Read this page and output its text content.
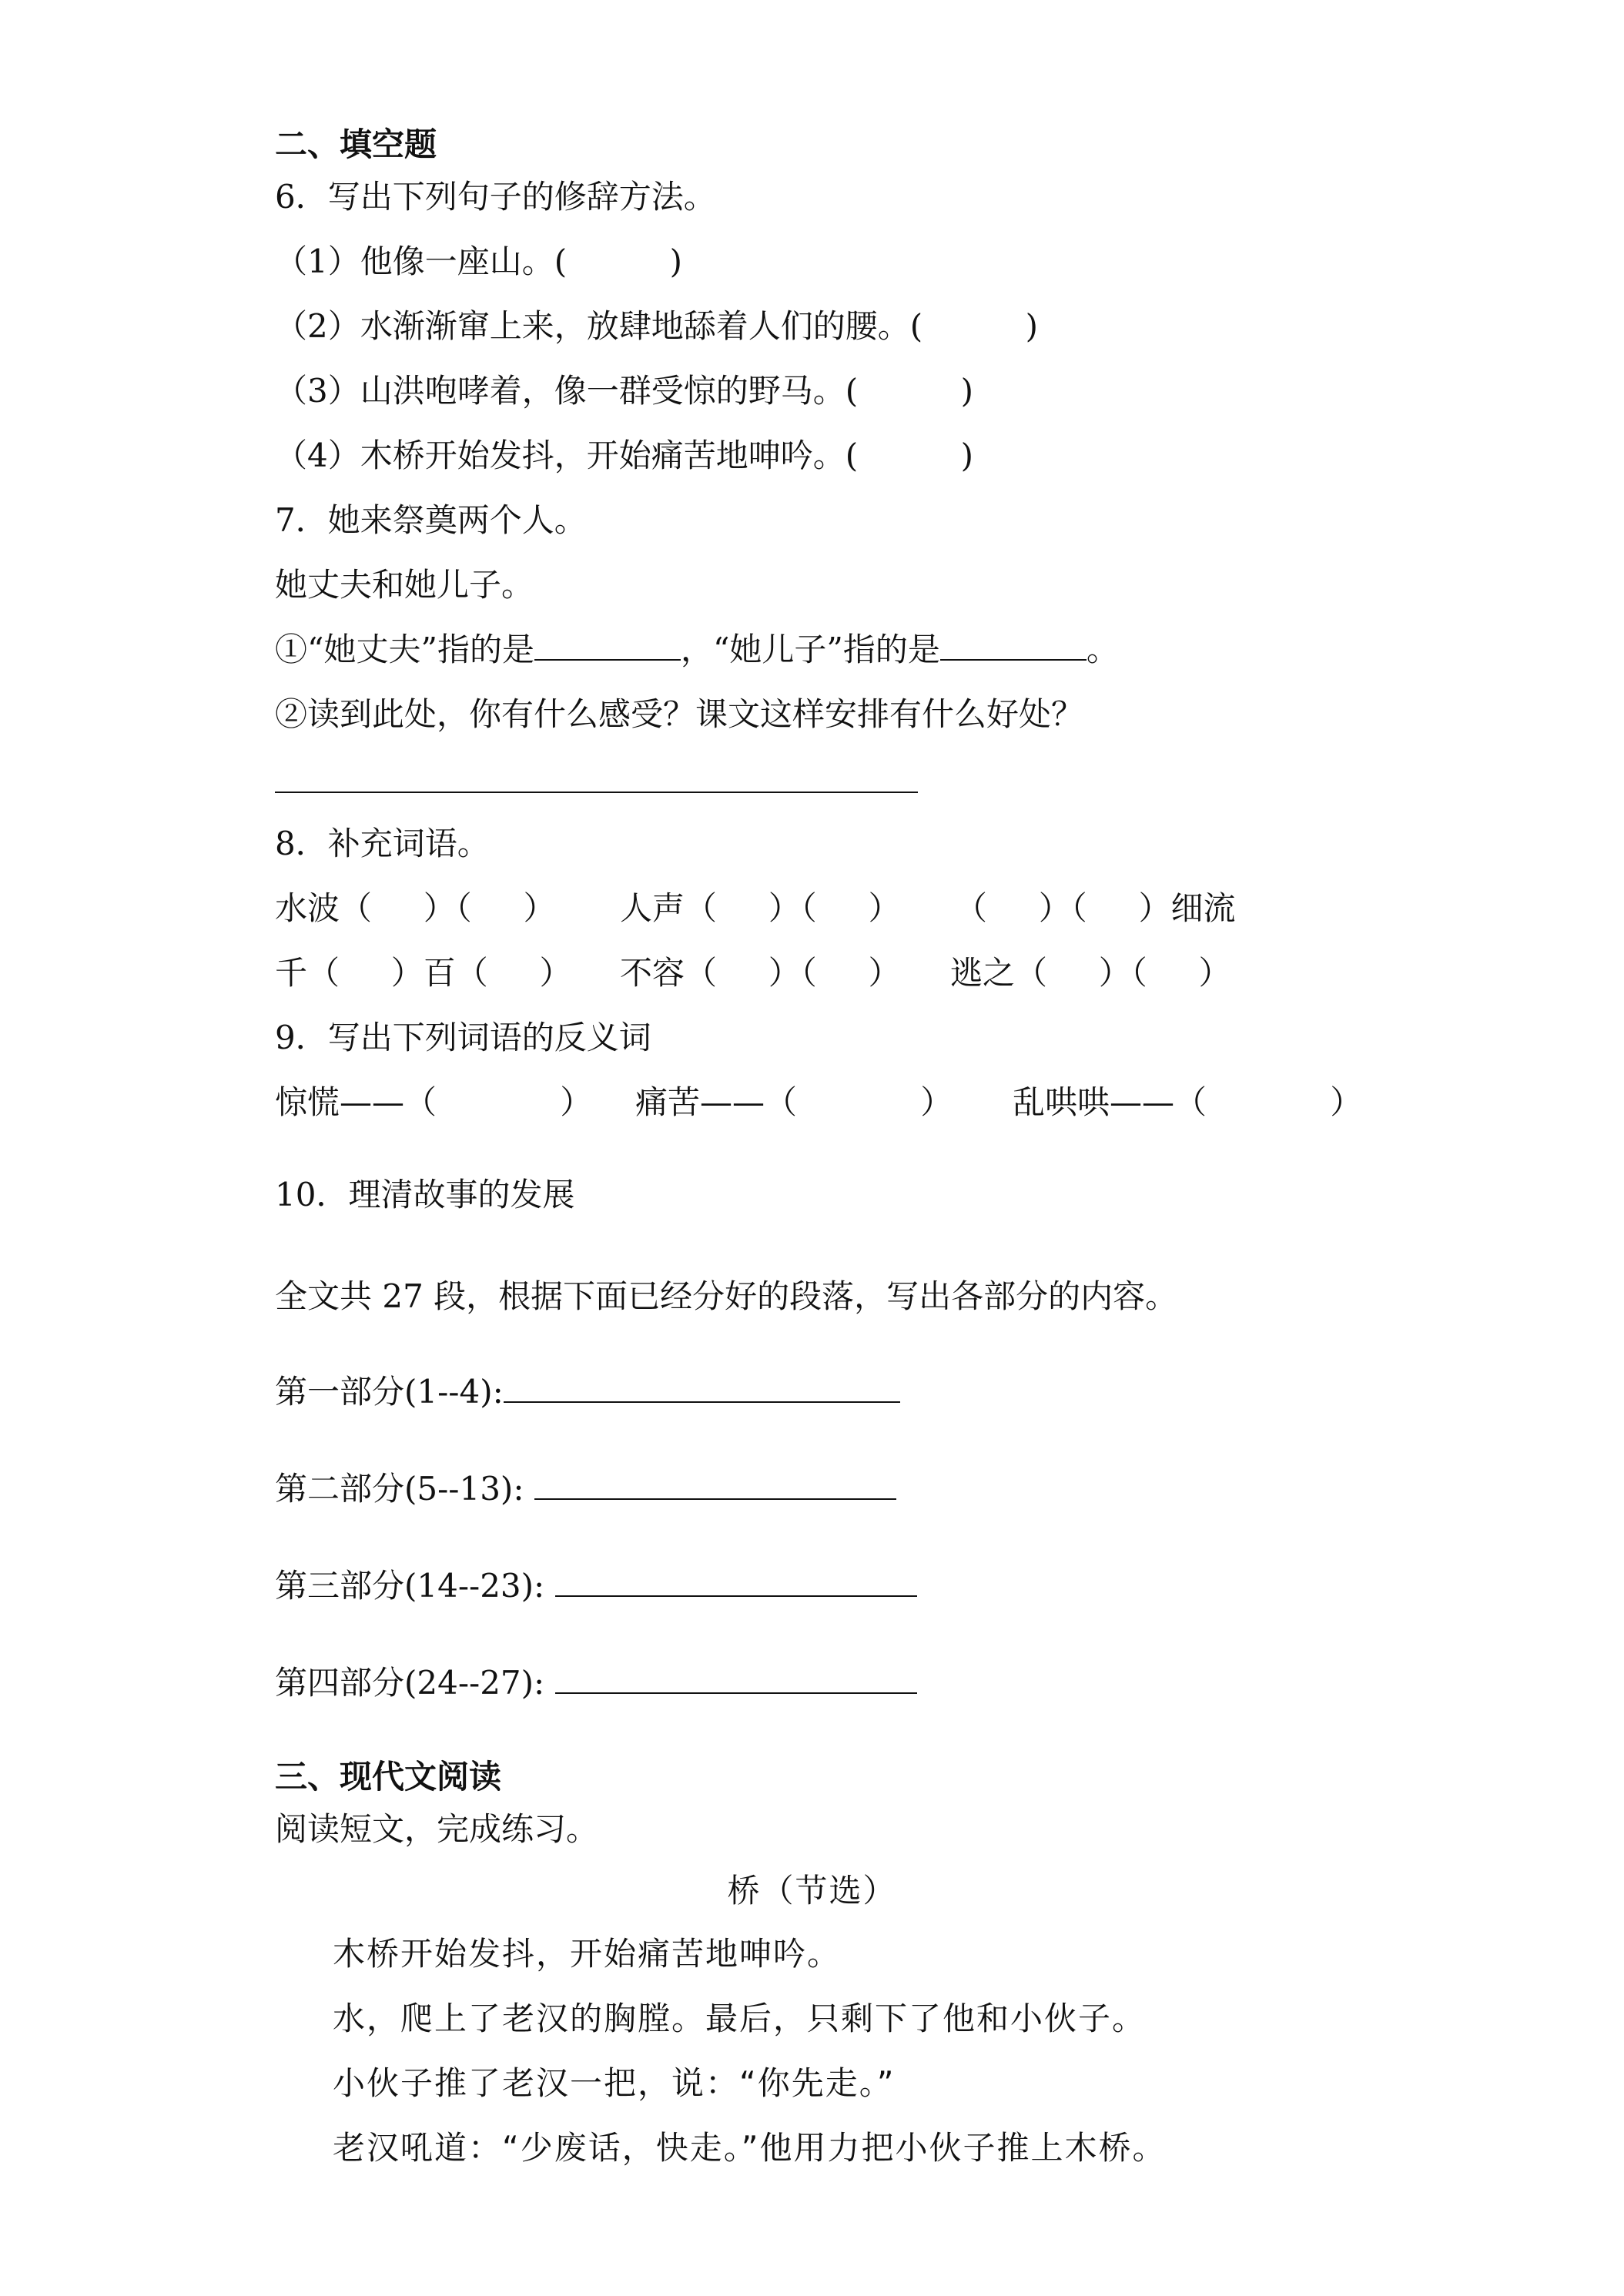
二、填空题
6．写出下列句子的修辞方法。
（1）他像一座山。(          )
（2）水渐渐窜上来，放肆地舔着人们的腰。(          )
（3）山洪咆哮着，像一群受惊的野马。(          )
（4）木桥开始发抖，开始痛苦地呻吟。(          )
7．她来祭奠两个人。
她丈夫和她儿子。
①“她丈夫”指的是	，“她儿子”指的是	。
②读到此处，你有什么感受？课文这样安排有什么好处？
8．补充词语。
水波（     ）（     ） 人声（     ）（     ） （     ）（     ）细流
千（     ）百（     ） 不容（     ）（     ） 逃之（     ）（     ）
9．写出下列词语的反义词
惊慌——（            ） 痛苦——（            ） 乱哄哄——（            ）
10．理清故事的发展
全文共 27 段，根据下面已经分好的段落，写出各部分的内容。
第一部分(1--4):
第二部分(5--13):
第三部分(14--23):
第四部分(24--27):
三、现代文阅读
阅读短文，完成练习。
桥（节选）
木桥开始发抖，开始痛苦地呻吟。
水，爬上了老汉的胸膛。最后，只剩下了他和小伙子。
小伙子推了老汉一把，说：“你先走。”
老汉吼道：“少废话，快走。”他用力把小伙子推上木桥。
